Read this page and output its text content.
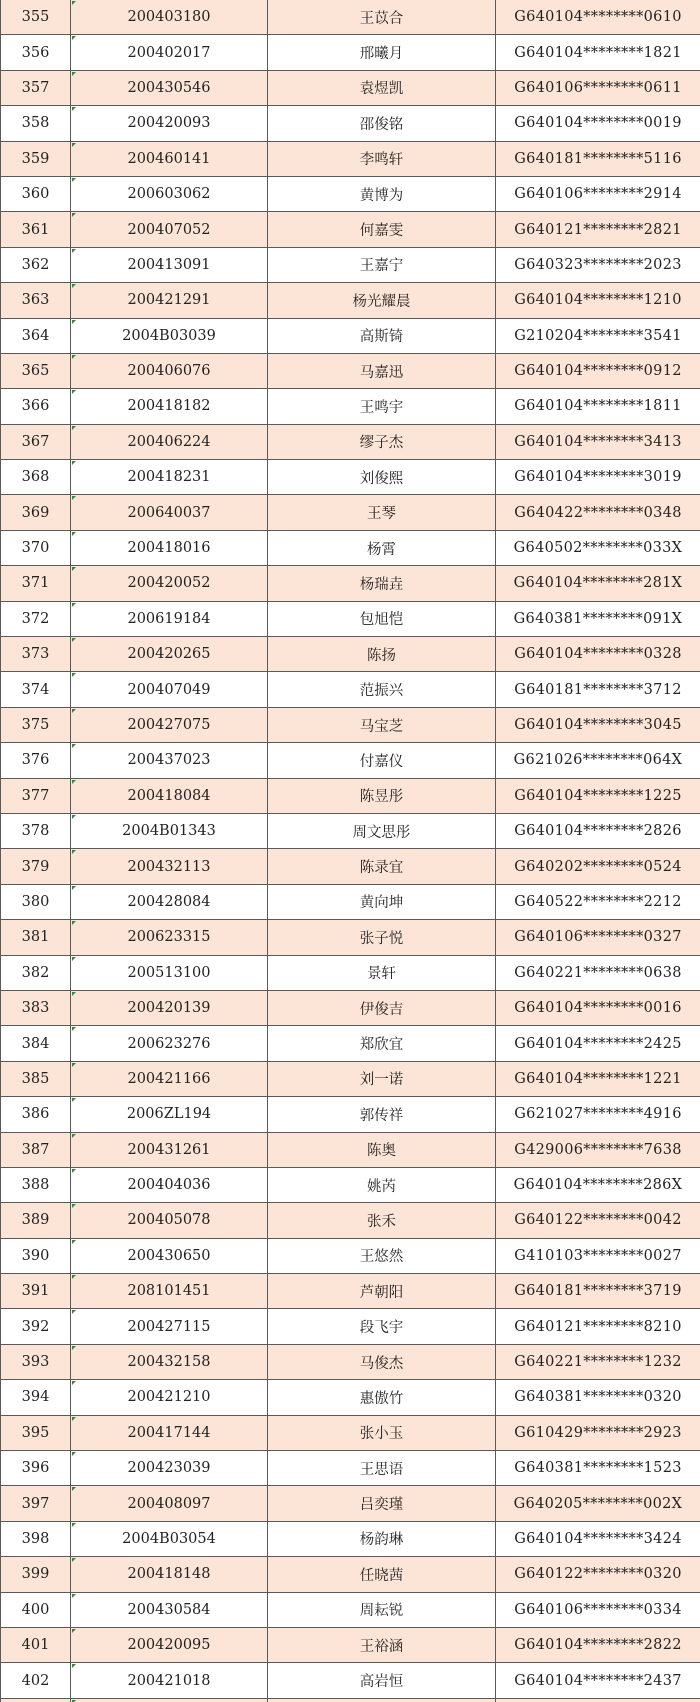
355	200403180	王苡合	G640104********0610
356	200402017	邢曦月	G640104********1821
357	200430546	袁煜凯	G640106********0611
358	200420093	邵俊铭	G640104********0019
359	200460141	李鸣轩	G640181********5116
360	200603062	黄博为	G640106********2914
361	200407052	何嘉雯	G640121********2821
362	200413091	王嘉宁	G640323********2023
363	200421291	杨光耀晨	G640104********1210
364	2004B03039	高斯锜	G210204********3541
365	200406076	马嘉迅	G640104********0912
366	200418182	王鸣宇	G640104********1811
367	200406224	缪子杰	G640104********3413
368	200418231	刘俊熙	G640104********3019
369	200640037	王琴	G640422********0348
370	200418016	杨霄	G640502********033X
371	200420052	杨瑞垚	G640104********281X
372	200619184	包旭恺	G640381********091X
373	200420265	陈扬	G640104********0328
374	200407049	范振兴	G640181********3712
375	200427075	马宝芝	G640104********3045
376	200437023	付嘉仪	G621026********064X
377	200418084	陈昱彤	G640104********1225
378	2004B01343	周文思彤	G640104********2826
379	200432113	陈录宜	G640202********0524
380	200428084	黄向坤	G640522********2212
381	200623315	张子悦	G640106********0327
382	200513100	景轩	G640221********0638
383	200420139	伊俊吉	G640104********0016
384	200623276	郑欣宜	G640104********2425
385	200421166	刘一诺	G640104********1221
386	2006ZL194	郭传祥	G621027********4916
387	200431261	陈奥	G429006********7638
388	200404036	姚芮	G640104********286X
389	200405078	张禾	G640122********0042
390	200430650	王悠然	G410103********0027
391	208101451	芦朝阳	G640181********3719
392	200427115	段飞宇	G640121********8210
393	200432158	马俊杰	G640221********1232
394	200421210	惠傲竹	G640381********0320
395	200417144	张小玉	G610429********2923
396	200423039	王思语	G640381********1523
397	200408097	吕奕瑾	G640205********002X
398	2004B03054	杨韵琳	G640104********3424
399	200418148	任晓茜	G640122********0320
400	200430584	周耘锐	G640106********0334
401	200420095	王裕涵	G640104********2822
402	200421018	高岩恒	G640104********2437
